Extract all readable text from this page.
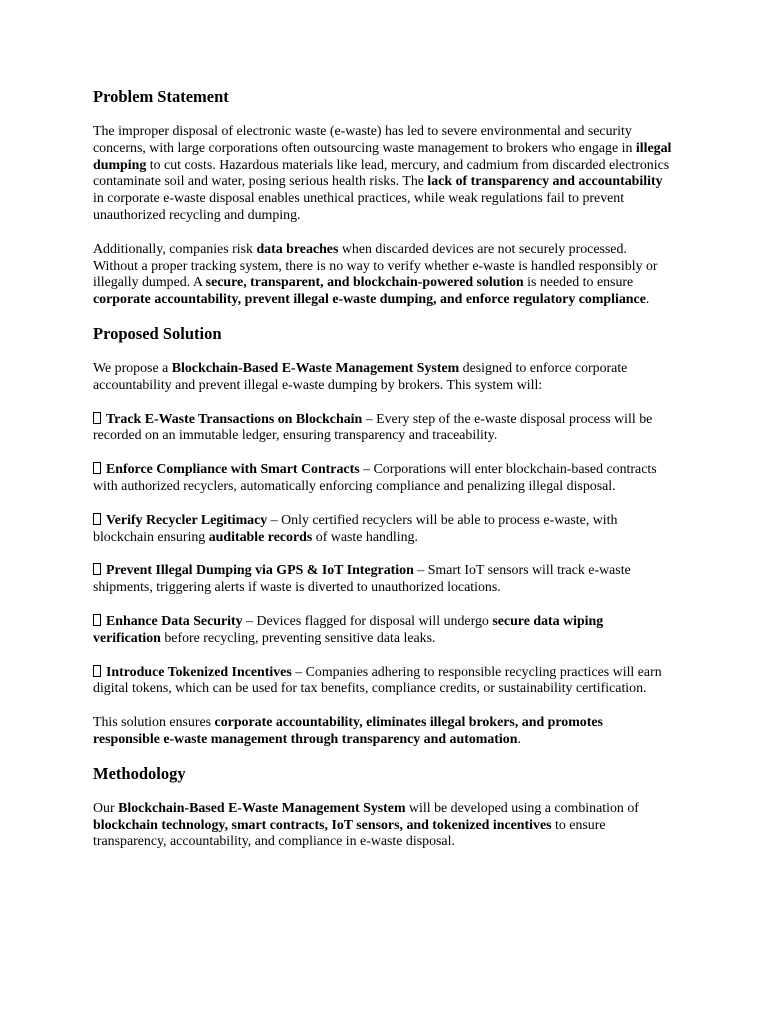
Problem Statement

The improper disposal of electronic waste (e-waste) has led to severe environmental and security concerns, with large corporations often outsourcing waste management to brokers who engage in illegal dumping to cut costs. Hazardous materials like lead, mercury, and cadmium from discarded electronics contaminate soil and water, posing serious health risks. The lack of transparency and accountability in corporate e-waste disposal enables unethical practices, while weak regulations fail to prevent unauthorized recycling and dumping.

Additionally, companies risk data breaches when discarded devices are not securely processed. Without a proper tracking system, there is no way to verify whether e-waste is handled responsibly or illegally dumped. A secure, transparent, and blockchain-powered solution is needed to ensure corporate accountability, prevent illegal e-waste dumping, and enforce regulatory compliance.

Proposed Solution

We propose a Blockchain-Based E-Waste Management System designed to enforce corporate accountability and prevent illegal e-waste dumping by brokers. This system will:

Track E-Waste Transactions on Blockchain – Every step of the e-waste disposal process will be recorded on an immutable ledger, ensuring transparency and traceability.

Enforce Compliance with Smart Contracts – Corporations will enter blockchain-based contracts with authorized recyclers, automatically enforcing compliance and penalizing illegal disposal.

Verify Recycler Legitimacy – Only certified recyclers will be able to process e-waste, with blockchain ensuring auditable records of waste handling.

Prevent Illegal Dumping via GPS & IoT Integration – Smart IoT sensors will track e-waste shipments, triggering alerts if waste is diverted to unauthorized locations.

Enhance Data Security – Devices flagged for disposal will undergo secure data wiping verification before recycling, preventing sensitive data leaks.

Introduce Tokenized Incentives – Companies adhering to responsible recycling practices will earn digital tokens, which can be used for tax benefits, compliance credits, or sustainability certification.

This solution ensures corporate accountability, eliminates illegal brokers, and promotes responsible e-waste management through transparency and automation.

Methodology

Our Blockchain-Based E-Waste Management System will be developed using a combination of blockchain technology, smart contracts, IoT sensors, and tokenized incentives to ensure transparency, accountability, and compliance in e-waste disposal.
